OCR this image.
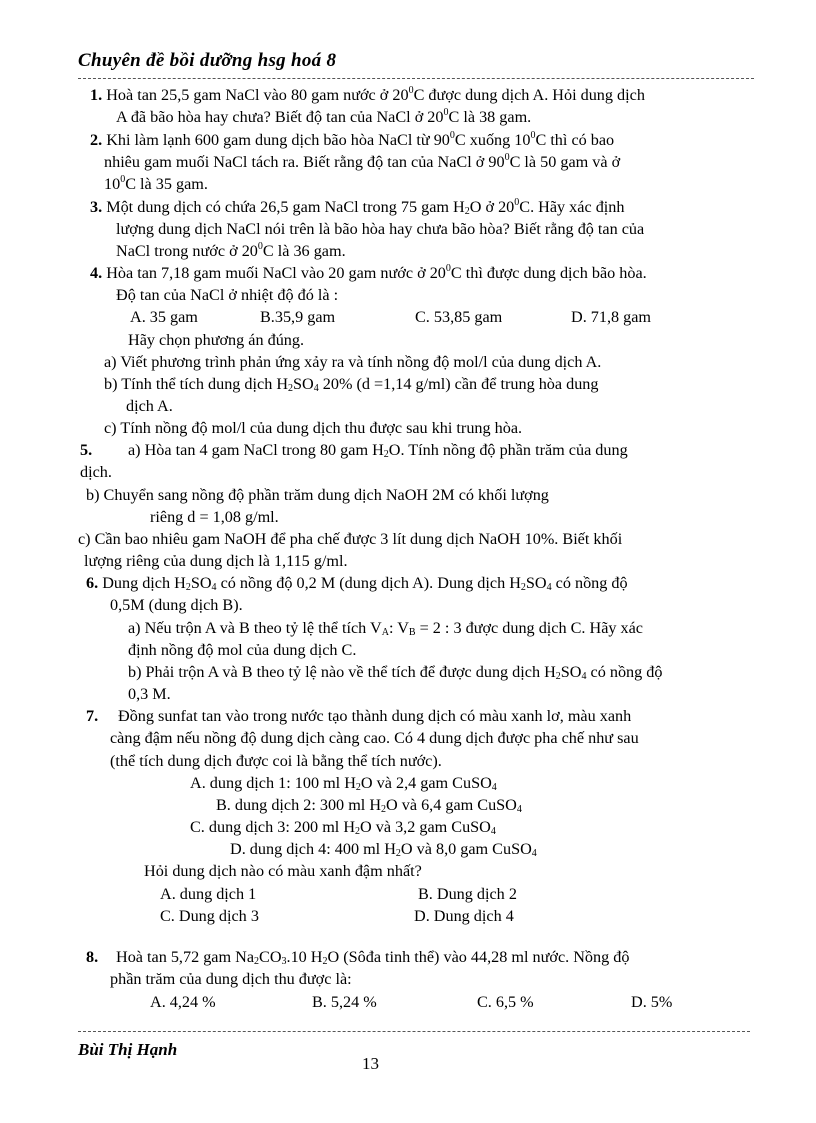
Chuyên đề bồi dưỡng hsg hoá 8
1. Hoà tan 25,5 gam NaCl vào 80 gam nước ở $20^0C$ được dung dịch A. Hỏi dung dịch
A đã bão hòa hay chưa? Biết độ tan của NaCl ở $20^0C$ là 38 gam.
2. Khi làm lạnh 600 gam dung dịch bão hòa NaCl từ $90^0C$ xuống $10^0C$ thì có bao
nhiêu gam muối NaCl tách ra. Biết rằng độ tan của NaCl ở $90^0C$ là 50 gam và ở
$10^0C$ là 35 gam.
3. Một dung dịch có chứa 26,5 gam NaCl trong 75 gam $H_2O$ ở $20^0C$. Hãy xác định
lượng dung dịch NaCl nói trên là bão hòa hay chưa bão hòa? Biết rằng độ tan của
NaCl trong nước ở $20^0C$ là 36 gam.
4. Hòa tan 7,18 gam muối NaCl vào 20 gam nước ở $20^0C$ thì được dung dịch bão hòa.
Độ tan của NaCl ở nhiệt độ đó là :
A. 35 gam	B.35,9 gam	C. 53,85 gam	D. 71,8 gam
Hãy chọn phương án đúng.
a) Viết phương trình phản ứng xảy ra và tính nồng độ mol/l của dung dịch A.
b) Tính thể tích dung dịch $H_2SO_4$ 20% (d =1,14 g/ml) cần để trung hòa dung
dịch A.
c) Tính nồng độ mol/l của dung dịch thu được sau khi trung hòa.
5. a) Hòa tan 4 gam NaCl trong 80 gam $H_2O$. Tính nồng độ phần trăm của dung
dịch.
b) Chuyển sang nồng độ phần trăm dung dịch NaOH 2M có khối lượng
riêng d = 1,08 g/ml.
c) Cần bao nhiêu gam NaOH để pha chế được 3 lít dung dịch NaOH 10%. Biết khối
lượng riêng của dung dịch là 1,115 g/ml.
6. Dung dịch $H_2SO_4$ có nồng độ 0,2 M (dung dịch A). Dung dịch $H_2SO_4$ có nồng độ
0,5M (dung dịch B).
a) Nếu trộn A và B theo tỷ lệ thể tích $V_A$: $V_B = 2$ : 3 được dung dịch C. Hãy xác
định nồng độ mol của dung dịch C.
b) Phải trộn A và B theo tỷ lệ nào về thể tích để được dung dịch $H_2SO_4$ có nồng độ
0,3 M.
7. Đồng sunfat tan vào trong nước tạo thành dung dịch có màu xanh lơ, màu xanh
càng đậm nếu nồng độ dung dịch càng cao. Có 4 dung dịch được pha chế như sau
(thể tích dung dịch được coi là bằng thể tích nước).
A. dung dịch 1: 100 ml $H_2O$ và 2,4 gam CuSO$_4$
B. dung dịch 2: 300 ml $H_2O$ và 6,4 gam CuSO$_4$
C. dung dịch 3: 200 ml $H_2O$ và 3,2 gam CuSO$_4$
D. dung dịch 4: 400 ml $H_2O$ và 8,0 gam CuSO$_4$
Hỏi dung dịch nào có màu xanh đậm nhất?
A. dung dịch 1	B. Dung dịch 2
C. Dung dịch 3	D. Dung dịch 4
8. Hoà tan 5,72 gam $Na_2CO_3.10$ $H_2O$ (Sôđa tinh thể) vào 44,28 ml nước. Nồng độ
phần trăm của dung dịch thu được là:
A. 4,24 %	B. 5,24 %	C. 6,5 %	D. 5%
Bùi Thị Hạnh
13
